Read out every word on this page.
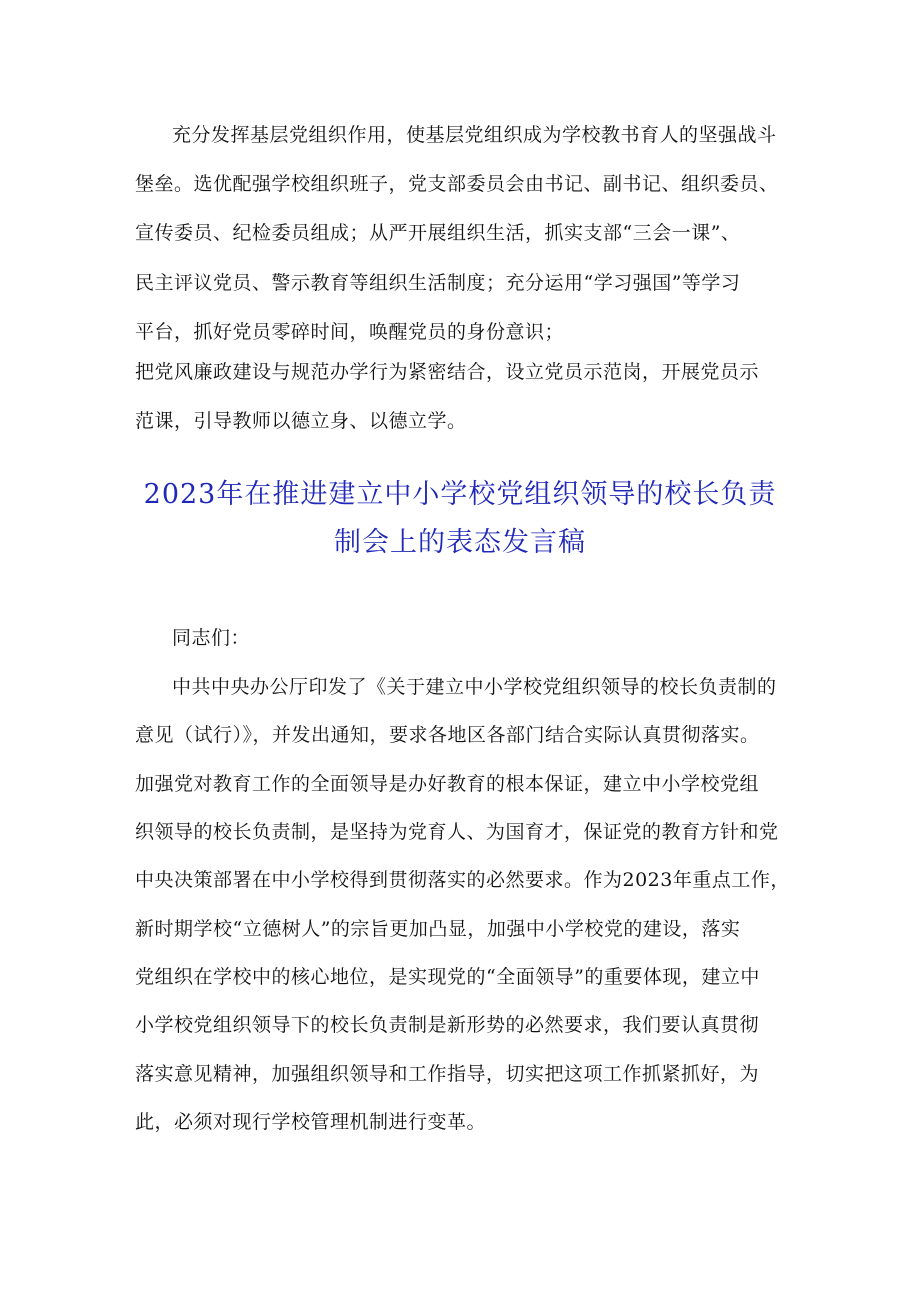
充分发挥基层党组织作用，使基层党组织成为学校教书育人的坚强战斗
堡垒。选优配强学校组织班子，党支部委员会由书记、副书记、组织委员、
宣传委员、纪检委员组成；从严开展组织生活，抓实支部“三会一课”、
民主评议党员、警示教育等组织生活制度；充分运用“学习强国”等学习
平台，抓好党员零碎时间，唤醒党员的身份意识；
把党风廉政建设与规范办学行为紧密结合，设立党员示范岗，开展党员示
范课，引导教师以德立身、以德立学。
2023年在推进建立中小学校党组织领导的校长负责
制会上的表态发言稿
同志们：
中共中央办公厅印发了《关于建立中小学校党组织领导的校长负责制的
意见（试行）》，并发出通知，要求各地区各部门结合实际认真贯彻落实。
加强党对教育工作的全面领导是办好教育的根本保证，建立中小学校党组
织领导的校长负责制，是坚持为党育人、为国育才，保证党的教育方针和党
中央决策部署在中小学校得到贯彻落实的必然要求。作为2023年重点工作，
新时期学校“立德树人”的宗旨更加凸显，加强中小学校党的建设，落实
党组织在学校中的核心地位，是实现党的“全面领导”的重要体现，建立中
小学校党组织领导下的校长负责制是新形势的必然要求，我们要认真贯彻
落实意见精神，加强组织领导和工作指导，切实把这项工作抓紧抓好，为
此，必须对现行学校管理机制进行变革。
